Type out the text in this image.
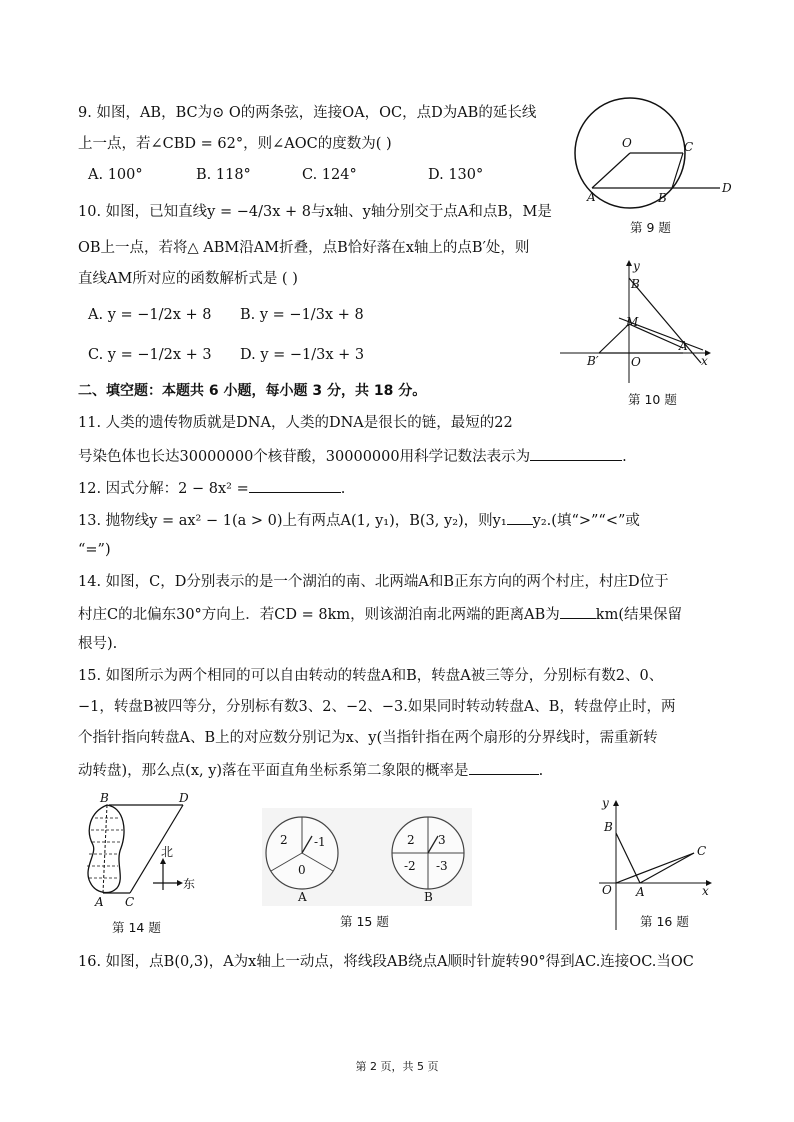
9. 如图，AB，BC为⊙ O的两条弦，连接OA，OC，点D为AB的延长线
上一点，若∠CBD = 62°，则∠AOC的度数为( )
A. 100°	B. 118°	C. 124°	D. 130°
10. 如图，已知直线y = −4/3x + 8与x轴、y轴分别交于点A和点B，M是
OB上一点，若将△ ABM沿AM折叠，点B恰好落在x轴上的点B′处，则
直线AM所对应的函数解析式是 ( )
A. y = −1/2x + 8 B. y = −1/3x + 8
C. y = −1/2x + 3 D. y = −1/3x + 3
二、填空题：本题共 6 小题，每小题 3 分，共 18 分。
11. 人类的遗传物质就是DNA，人类的DNA是很长的链，最短的22
号染色体也长达30000000个核苷酸，30000000用科学记数法表示为	.
12. 因式分解：2 − 8x² =	.
13. 抛物线y = ax² − 1(a > 0)上有两点A(1, y₁)，B(3, y₂)，则y₁ y₂.(填“>”“<”或
“=”)
14. 如图，C，D分别表示的是一个湖泊的南、北两端A和B正东方向的两个村庄，村庄D位于
村庄C的北偏东30°方向上．若CD = 8km，则该湖泊南北两端的距离AB为 km(结果保留
根号).
15. 如图所示为两个相同的可以自由转动的转盘A和B，转盘A被三等分，分别标有数2、0、
−1，转盘B被四等分，分别标有数3、2、−2、−3.如果同时转动转盘A、B，转盘停止时，两
个指针指向转盘A、B上的对应数分别记为x、y(当指针指在两个扇形的分界线时，需重新转
动转盘)，那么点(x, y)落在平面直角坐标系第二象限的概率是	.
16. 如图，点B(0,3)，A为x轴上一动点，将线段AB绕点A顺时针旋转90°得到AC.连接OC.当OC
O	C
A	B
D
第 9 题
y
B
M
B′	O
A
x
第 10 题
B	D
A C
北
东
第 14 题
2 -1
0
A
2 3
-2 -3
B
第 15 题
y
B
C
O A	x
第 16 题
第 2 页，共 5 页
